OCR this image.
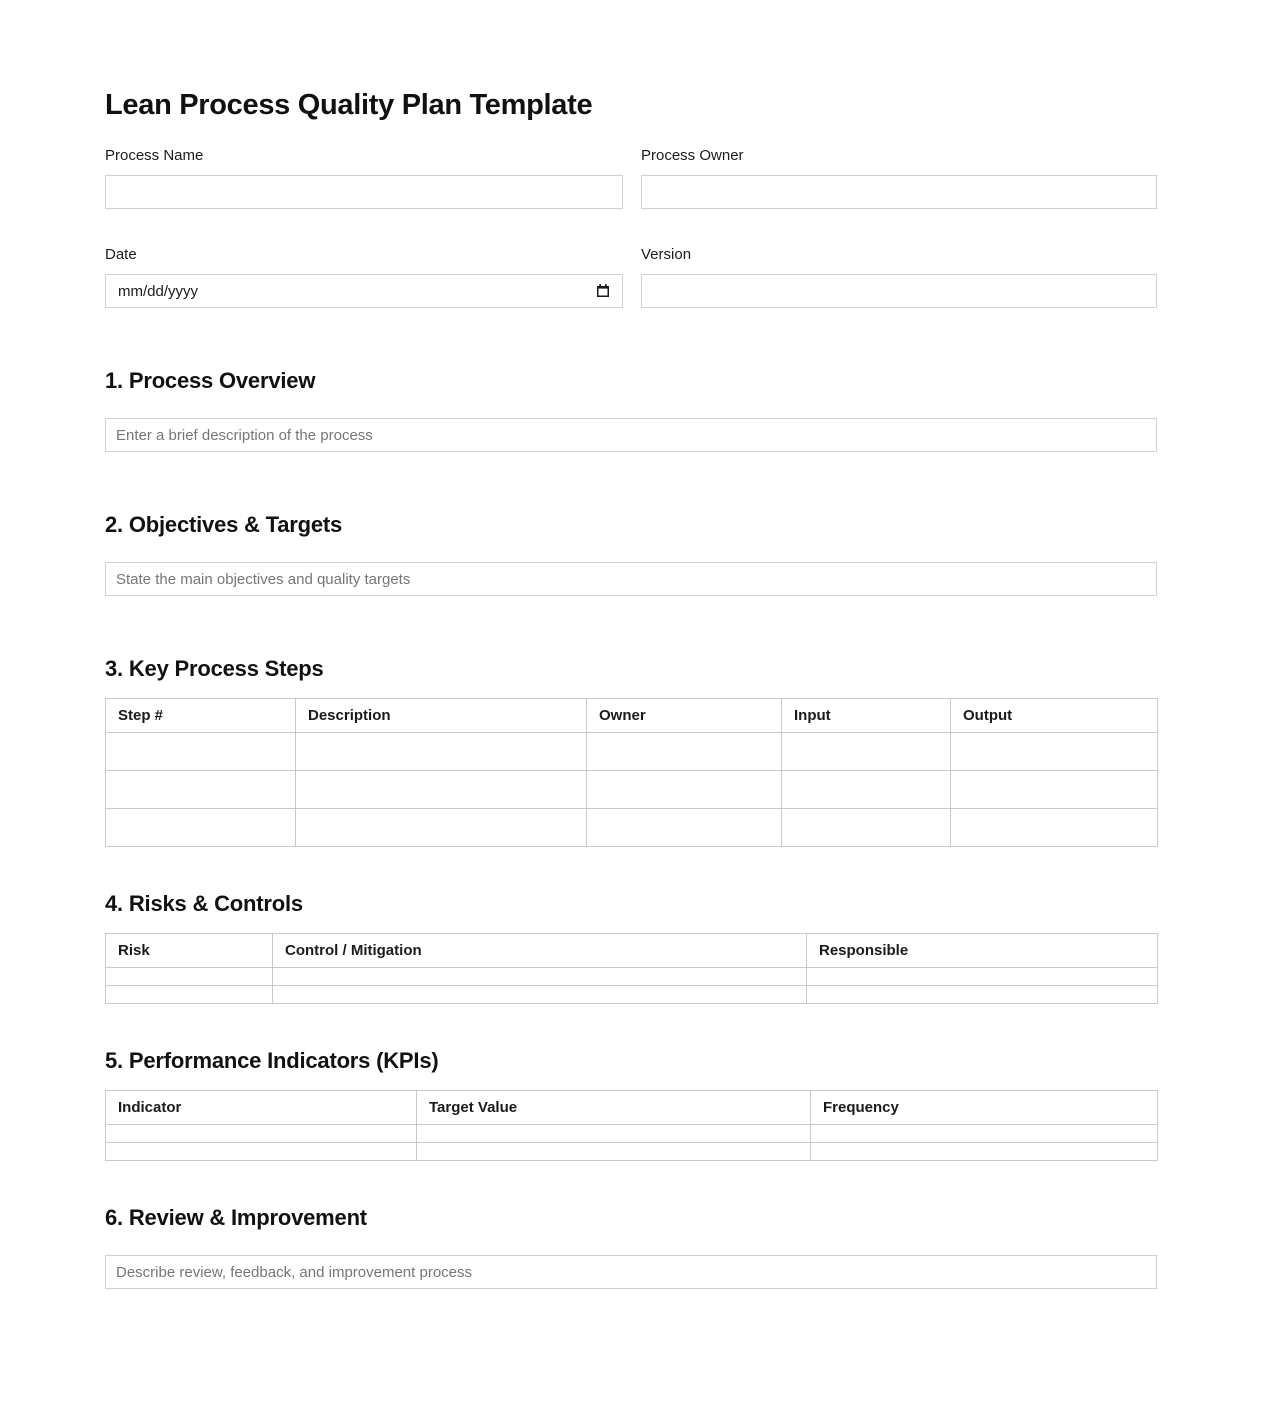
Lean Process Quality Plan Template
Process Name	Process Owner
Date
mm/dd/yyyy
Version
1. Process Overview
Enter a brief description of the process
2. Objectives & Targets
State the main objectives and quality targets
3. Key Process Steps
Step #	Description	Owner	Input	Output

4. Risks & Controls
Risk	Control / Mitigation	Responsible

5. Performance Indicators (KPIs)
Indicator	Target Value	Frequency

6. Review & Improvement
Describe review, feedback, and improvement process
